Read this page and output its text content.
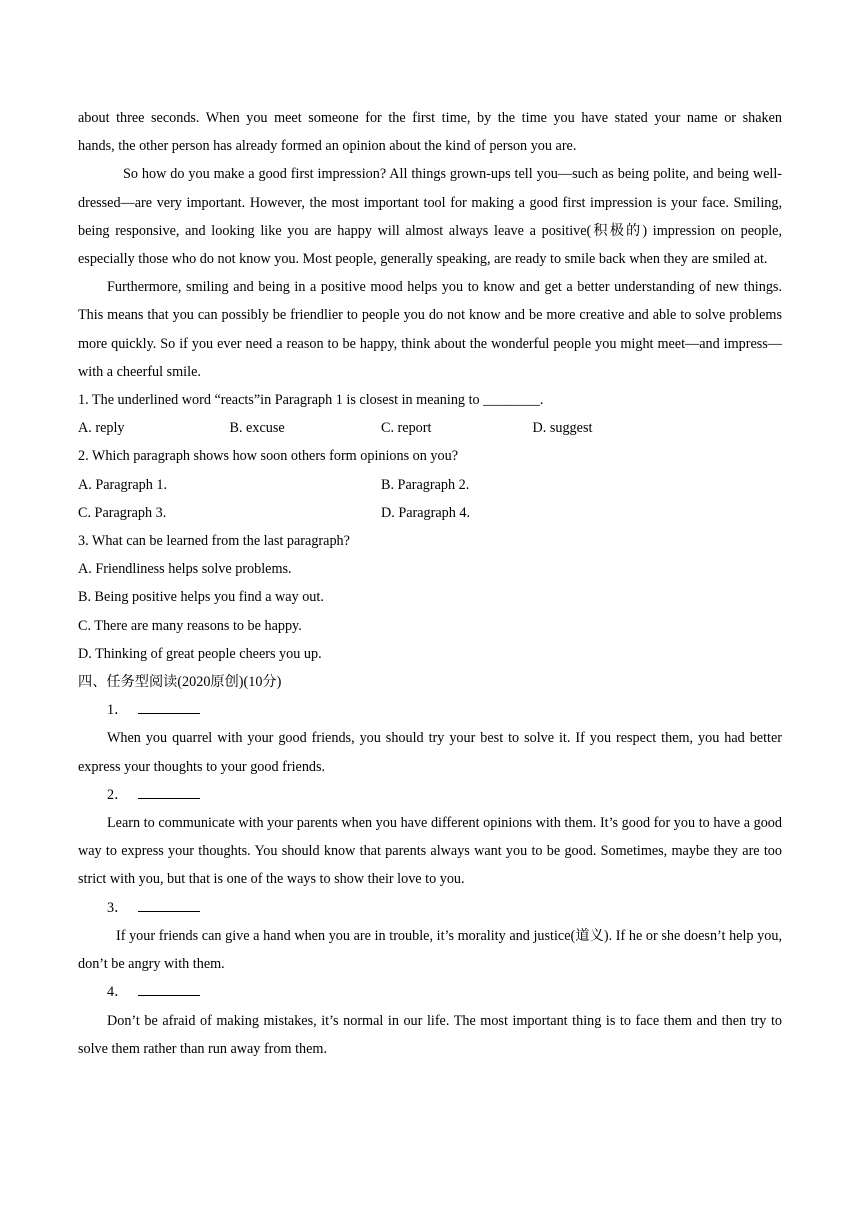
about three seconds. When you meet someone for the first time, by the time you have stated your name or shaken

hands, the other person has already formed an opinion about the kind of person you are.

So how do you make a good first impression? All things grown-ups tell you—such as being polite, and being well-dressed—are very important. However, the most important tool for making a good first impression is your face. Smiling, being responsive, and looking like you are happy will almost always leave a positive(积极的) impression on people, especially those who do not know you. Most people, generally speaking, are ready to smile back when they are smiled at.

Furthermore, smiling and being in a positive mood helps you to know and get a better understanding of new things. This means that you can possibly be friendlier to people you do not know and be more creative and able to solve problems more quickly. So if you ever need a reason to be happy, think about the wonderful people you might meet—and impress—with a cheerful smile.

1. The underlined word “reacts”in Paragraph 1 is closest in meaning to ________.

A. reply	B. excuse	C. report	D. suggest

2. Which paragraph shows how soon others form opinions on you?

A. Paragraph 1.	B. Paragraph 2.
C. Paragraph 3.	D. Paragraph 4.

3. What can be learned from the last paragraph?

A. Friendliness helps solve problems.

B. Being positive helps you find a way out.

C. There are many reasons to be happy.

D. Thinking of great people cheers you up.

四、任务型阅读(2020原创)(10分)

1．

When you quarrel with your good friends, you should try your best to solve it. If you respect them, you had better express your thoughts to your good friends.

2．

Learn to communicate with your parents when you have different opinions with them. It’s good for you to have a good way to express your thoughts. You should know that parents always want you to be good. Sometimes, maybe they are too strict with you, but that is one of the ways to show their love to you.

3．

If your friends can give a hand when you are in trouble, it’s morality and justice(道义). If he or she doesn’t help you, don’t be angry with them.

4．

Don’t be afraid of making mistakes, it’s normal in our life. The most important thing is to face them and then try to solve them rather than run away from them.
